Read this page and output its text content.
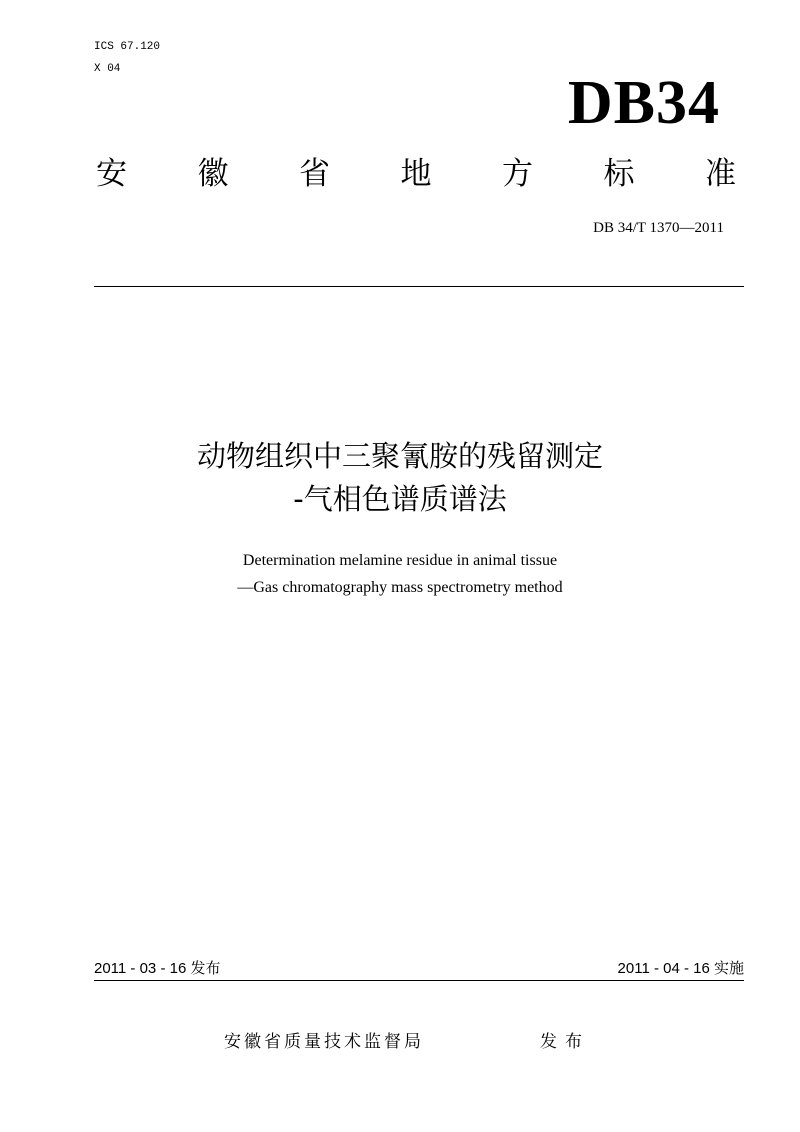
ICS 67.120
X 04	DB34
安 徽 省 地 方 标 准
DB 34/T 1370—2011
动物组织中三聚氰胺的残留测定
-气相色谱质谱法
Determination melamine residue in animal tissue
—Gas chromatography mass spectrometry method
2011 - 03 - 16 发布	2011 - 04 - 16 实施
安徽省质量技术监督局	发布
